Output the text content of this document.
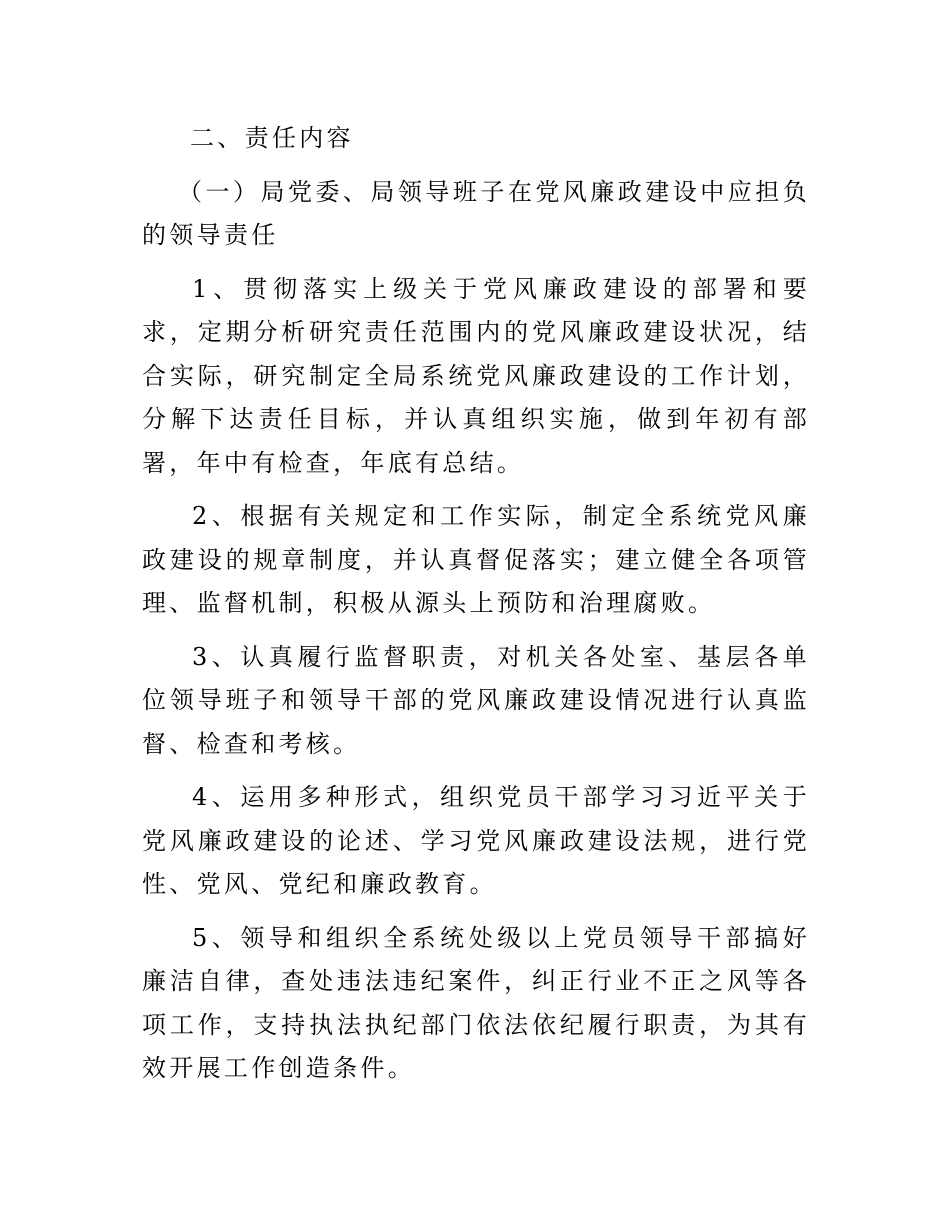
二、责任内容

（一）局党委、局领导班子在党风廉政建设中应担负的领导责任

1、贯彻落实上级关于党风廉政建设的部署和要求，定期分析研究责任范围内的党风廉政建设状况，结合实际，研究制定全局系统党风廉政建设的工作计划，分解下达责任目标，并认真组织实施，做到年初有部署，年中有检查，年底有总结。

2、根据有关规定和工作实际，制定全系统党风廉政建设的规章制度，并认真督促落实；建立健全各项管理、监督机制，积极从源头上预防和治理腐败。

3、认真履行监督职责，对机关各处室、基层各单位领导班子和领导干部的党风廉政建设情况进行认真监督、检查和考核。

4、运用多种形式，组织党员干部学习习近平关于党风廉政建设的论述、学习党风廉政建设法规，进行党性、党风、党纪和廉政教育。

5、领导和组织全系统处级以上党员领导干部搞好廉洁自律，查处违法违纪案件，纠正行业不正之风等各项工作，支持执法执纪部门依法依纪履行职责，为其有效开展工作创造条件。
